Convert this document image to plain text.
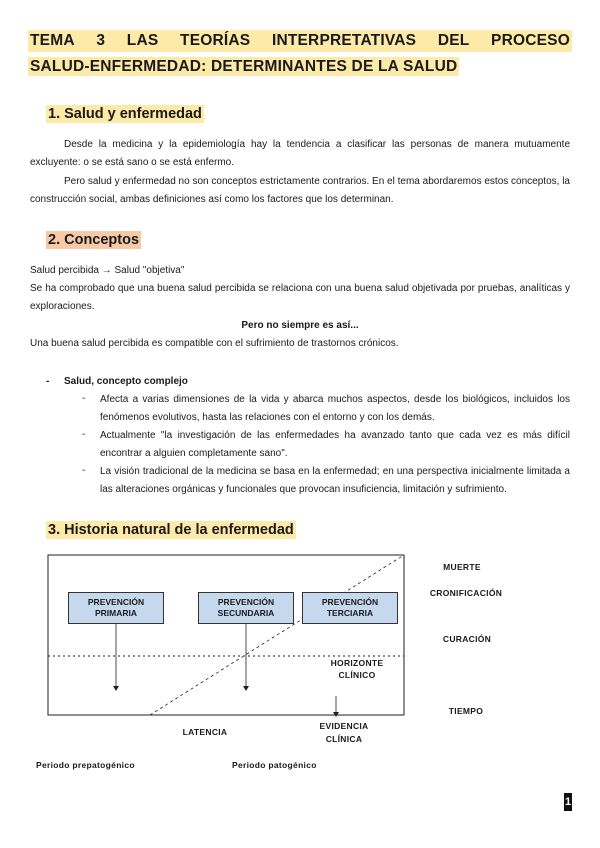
TEMA 3 LAS TEORÍAS INTERPRETATIVAS DEL PROCESO
SALUD-ENFERMEDAD: DETERMINANTES DE LA SALUD
1. Salud y enfermedad
Desde la medicina y la epidemiología hay la tendencia a clasificar las personas de manera mutuamente excluyente: o se está sano o se está enfermo.
Pero salud y enfermedad no son conceptos estrictamente contrarios. En el tema abordaremos estos conceptos, la construcción social, ambas definiciones así como los factores que los determinan.
2. Conceptos
Salud percibida → Salud "objetiva"
Se ha comprobado que una buena salud percibida se relaciona con una buena salud objetivada por pruebas, analíticas y exploraciones.
Pero no siempre es así...
Una buena salud percibida es compatible con el sufrimiento de trastornos crónicos.
- Salud, concepto complejo
- Afecta a varias dimensiones de la vida y abarca muchos aspectos, desde los biológicos, incluidos los fenómenos evolutivos, hasta las relaciones con el entorno y con los demás.
- Actualmente "la investigación de las enfermedades ha avanzado tanto que cada vez es más difícil encontrar a alguien completamente sano".
- La visión tradicional de la medicina se basa en la enfermedad; en una perspectiva inicialmente limitada a las alteraciones orgánicas y funcionales que provocan insuficiencia, limitación y sufrimiento.
3. Historia natural de la enfermedad
PREVENCIÓN
PRIMARIA
PREVENCIÓN
SECUNDARIA
PREVENCIÓN
TERCIARIA
HORIZONTE
CLÍNICO
MUERTE
CRONIFICACIÓN
CURACIÓN
TIEMPO
LATENCIA
EVIDENCIA
CLÍNICA
Periodo prepatogénico	Periodo patogénico
1
